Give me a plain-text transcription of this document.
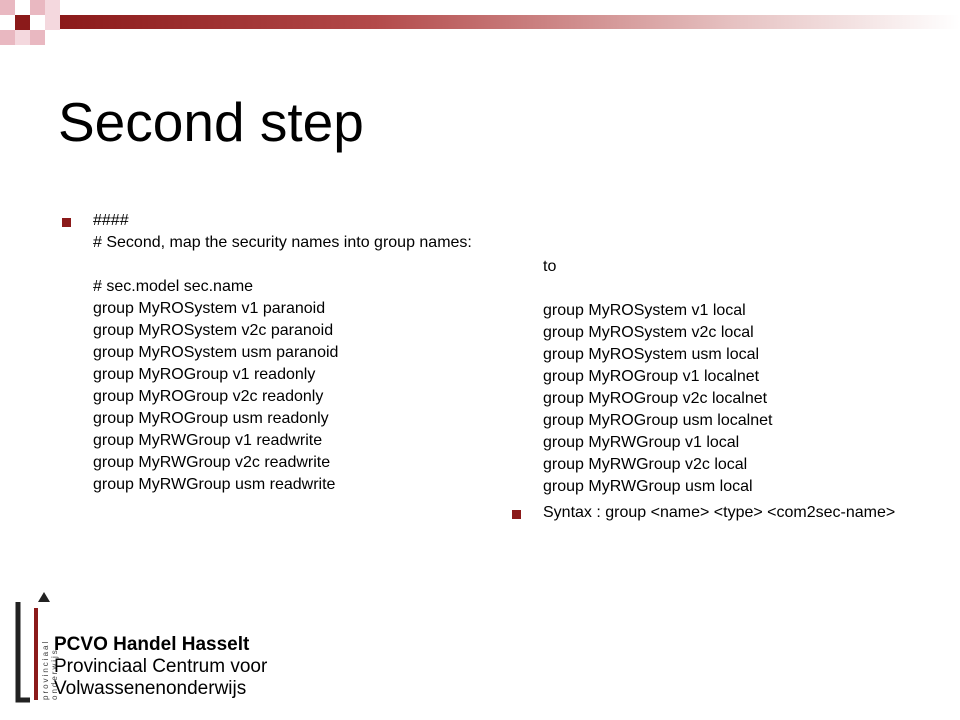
Second step
####
# Second, map the security names into group names:
# sec.model sec.name
group MyROSystem v1 paranoid
group MyROSystem v2c paranoid
group MyROSystem usm paranoid
group MyROGroup v1 readonly
group MyROGroup v2c readonly
group MyROGroup usm readonly
group MyRWGroup v1 readwrite
group MyRWGroup v2c readwrite
group MyRWGroup usm readwrite
to
group MyROSystem v1 local
group MyROSystem v2c local
group MyROSystem usm local
group MyROGroup v1 localnet
group MyROGroup v2c localnet
group MyROGroup usm localnet
group MyRWGroup v1 local
group MyRWGroup v2c local
group MyRWGroup usm local
Syntax : group <name> <type> <com2sec-name>
provinciaal onderwijs
PCVO Handel Hasselt
Provinciaal Centrum voor
Volwassenenonderwijs
